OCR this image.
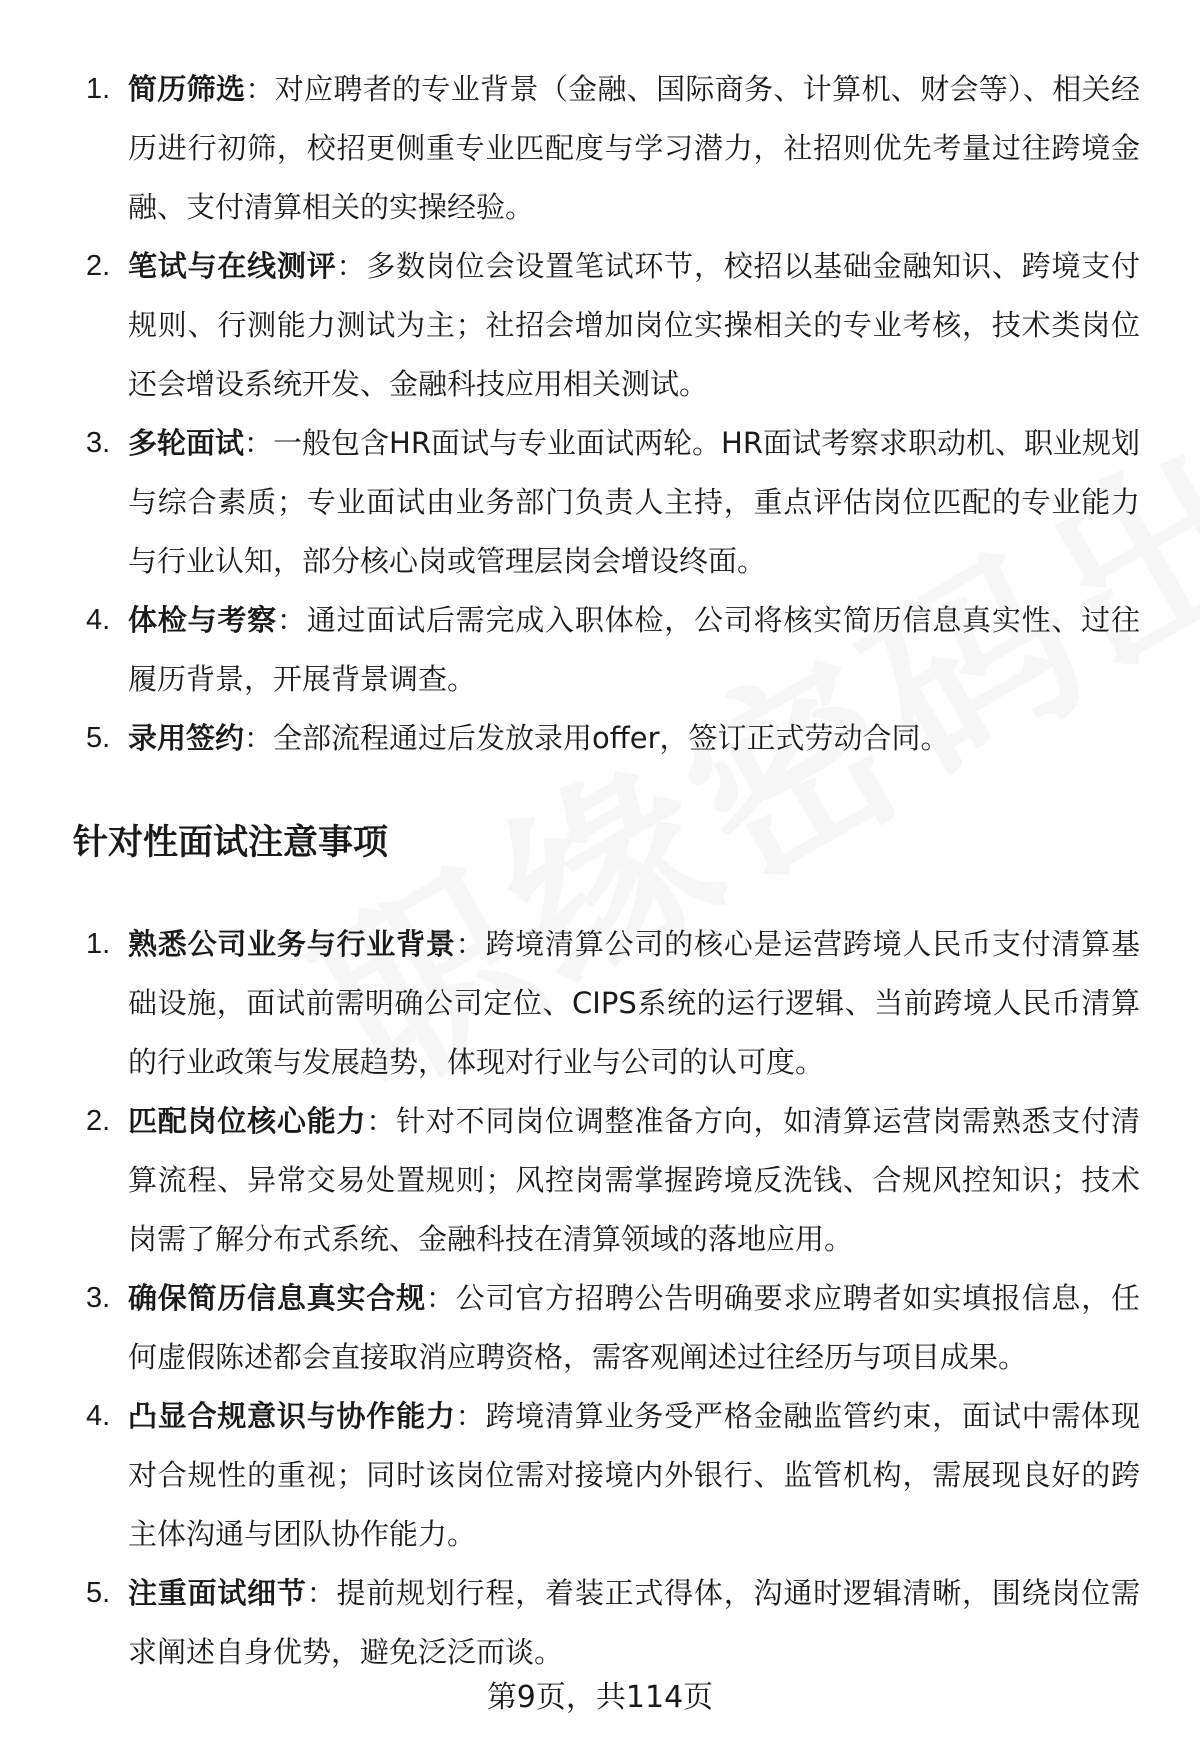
1. 简历筛选：对应聘者的专业背景（金融、国际商务、计算机、财会等）、相关经历进行初筛，校招更侧重专业匹配度与学习潜力，社招则优先考量过往跨境金融、支付清算相关的实操经验。
2. 笔试与在线测评：多数岗位会设置笔试环节，校招以基础金融知识、跨境支付规则、行测能力测试为主；社招会增加岗位实操相关的专业考核，技术类岗位还会增设系统开发、金融科技应用相关测试。
3. 多轮面试：一般包含HR面试与专业面试两轮。HR面试考察求职动机、职业规划与综合素质；专业面试由业务部门负责人主持，重点评估岗位匹配的专业能力与行业认知，部分核心岗或管理层岗会增设终面。
4. 体检与考察：通过面试后需完成入职体检，公司将核实简历信息真实性、过往履历背景，开展背景调查。
5. 录用签约：全部流程通过后发放录用offer，签订正式劳动合同。
针对性面试注意事项
1. 熟悉公司业务与行业背景：跨境清算公司的核心是运营跨境人民币支付清算基础设施，面试前需明确公司定位、CIPS系统的运行逻辑、当前跨境人民币清算的行业政策与发展趋势，体现对行业与公司的认可度。
2. 匹配岗位核心能力：针对不同岗位调整准备方向，如清算运营岗需熟悉支付清算流程、异常交易处置规则；风控岗需掌握跨境反洗钱、合规风控知识；技术岗需了解分布式系统、金融科技在清算领域的落地应用。
3. 确保简历信息真实合规：公司官方招聘公告明确要求应聘者如实填报信息，任何虚假陈述都会直接取消应聘资格，需客观阐述过往经历与项目成果。
4. 凸显合规意识与协作能力：跨境清算业务受严格金融监管约束，面试中需体现对合规性的重视；同时该岗位需对接境内外银行、监管机构，需展现良好的跨主体沟通与团队协作能力。
5. 注重面试细节：提前规划行程，着装正式得体，沟通时逻辑清晰，围绕岗位需求阐述自身优势，避免泛泛而谈。
第9页，共114页
